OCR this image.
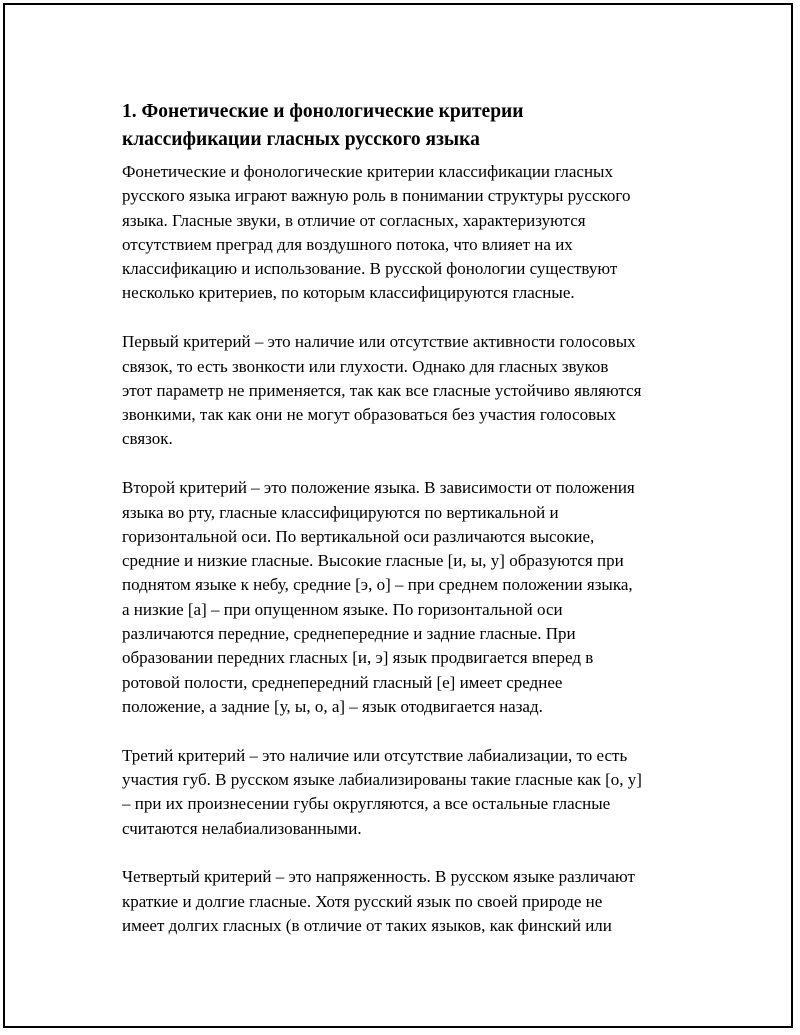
1. Фонетические и фонологические критерии
классификации гласных русского языка

Фонетические и фонологические критерии классификации гласных
русского языка играют важную роль в понимании структуры русского
языка. Гласные звуки, в отличие от согласных, характеризуются
отсутствием преград для воздушного потока, что влияет на их
классификацию и использование. В русской фонологии существуют
несколько критериев, по которым классифицируются гласные.

Первый критерий – это наличие или отсутствие активности голосовых
связок, то есть звонкости или глухости. Однако для гласных звуков
этот параметр не применяется, так как все гласные устойчиво являются
звонкими, так как они не могут образоваться без участия голосовых
связок.

Второй критерий – это положение языка. В зависимости от положения
языка во рту, гласные классифицируются по вертикальной и
горизонтальной оси. По вертикальной оси различаются высокие,
средние и низкие гласные. Высокие гласные [и, ы, у] образуются при
поднятом языке к небу, средние [э, о] – при среднем положении языка,
а низкие [а] – при опущенном языке. По горизонтальной оси
различаются передние, среднепередние и задние гласные. При
образовании передних гласных [и, э] язык продвигается вперед в
ротовой полости, среднепередний гласный [е] имеет среднее
положение, а задние [у, ы, о, а] – язык отодвигается назад.

Третий критерий – это наличие или отсутствие лабиализации, то есть
участия губ. В русском языке лабиализированы такие гласные как [о, у]
– при их произнесении губы округляются, а все остальные гласные
считаются нелабиализованными.

Четвертый критерий – это напряженность. В русском языке различают
краткие и долгие гласные. Хотя русский язык по своей природе не
имеет долгих гласных (в отличие от таких языков, как финский или
